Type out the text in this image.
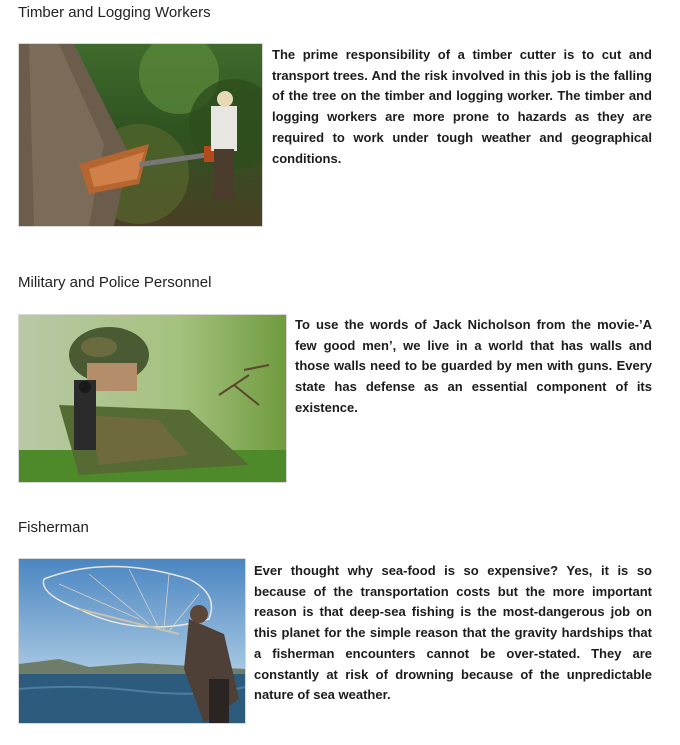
Timber and Logging Workers

The prime responsibility of a timber cutter is to cut and transport trees. And the risk involved in this job is the falling of the tree on the timber and logging worker. The timber and logging workers are more prone to hazards as they are required to work under tough weather and geographical conditions.

Military and Police Personnel

To use the words of Jack Nicholson from the movie-’A few good men’, we live in a world that has walls and those walls need to be guarded by men with guns. Every state has defense as an essential component of its existence.

Fisherman

Ever thought why sea-food is so expensive? Yes, it is so because of the transportation costs but the more important reason is that deep-sea fishing is the most-dangerous job on this planet for the simple reason that the gravity hardships that a fisherman encounters cannot be over-stated. They are constantly at risk of drowning because of the unpredictable nature of sea weather.
